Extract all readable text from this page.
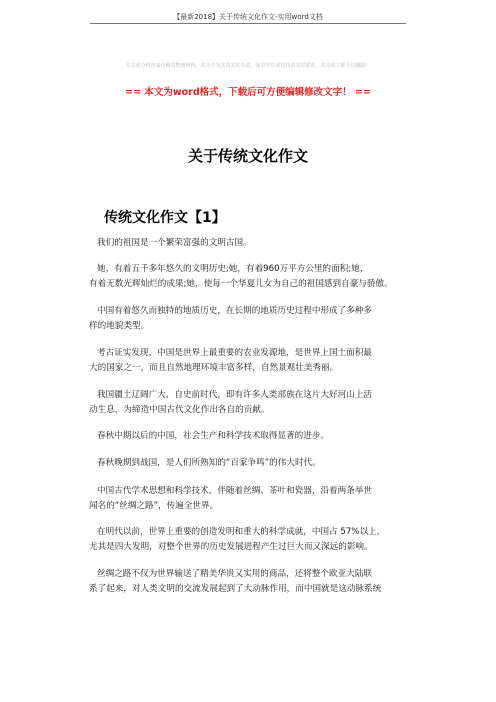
【最新2018】关于传统文化作文-实用word文档
本文部分内容来自网络整理所得，本文不为其真实性负责，如有异议或侵权请及时联系，本司将立即予以删除！
== 本文为word格式，下载后可方便编辑修改文字！ ==
关于传统文化作文
传统文化作文【1】
我们的祖国是一个繁荣富强的文明古国。
她，有着五千多年悠久的文明历史;她，有着960万平方公里的面积;她，
有着无数光辉灿烂的成果;她，使每一个华夏儿女为自己的祖国感到自豪与骄傲。
中国有着悠久而独特的地质历史，在长期的地质历史过程中形成了多种多
样的地貌类型。
考古证实发现，中国是世界上最重要的农业发源地，是世界上国土面积最
大的国家之一，而且自然地理环境丰富多样，自然景观壮美秀丽。
我国疆土辽阔广大，自史前时代，即有许多人类部族在这片大好河山上活
动生息，为缔造中国古代文化作出各自的贡献。
春秋中期以后的中国，社会生产和科学技术取得显著的进步。
春秋晚期到战国，是人们所熟知的“百家争鸣”的伟大时代。
中国古代学术思想和科学技术，伴随着丝绸、茶叶和瓷器，沿着两条举世
闻名的“丝绸之路”，传遍全世界。
在明代以前，世界上重要的创造发明和重大的科学成就，中国占 57%以上，
尤其是四大发明，对整个世界的历史发展进程产生过巨大而又深远的影响。
丝绸之路不仅为世界输送了精美华贵又实用的商品，还将整个欧亚大陆联
系了起来，对人类文明的交流发展起到了大动脉作用，而中国就是这动脉系统
